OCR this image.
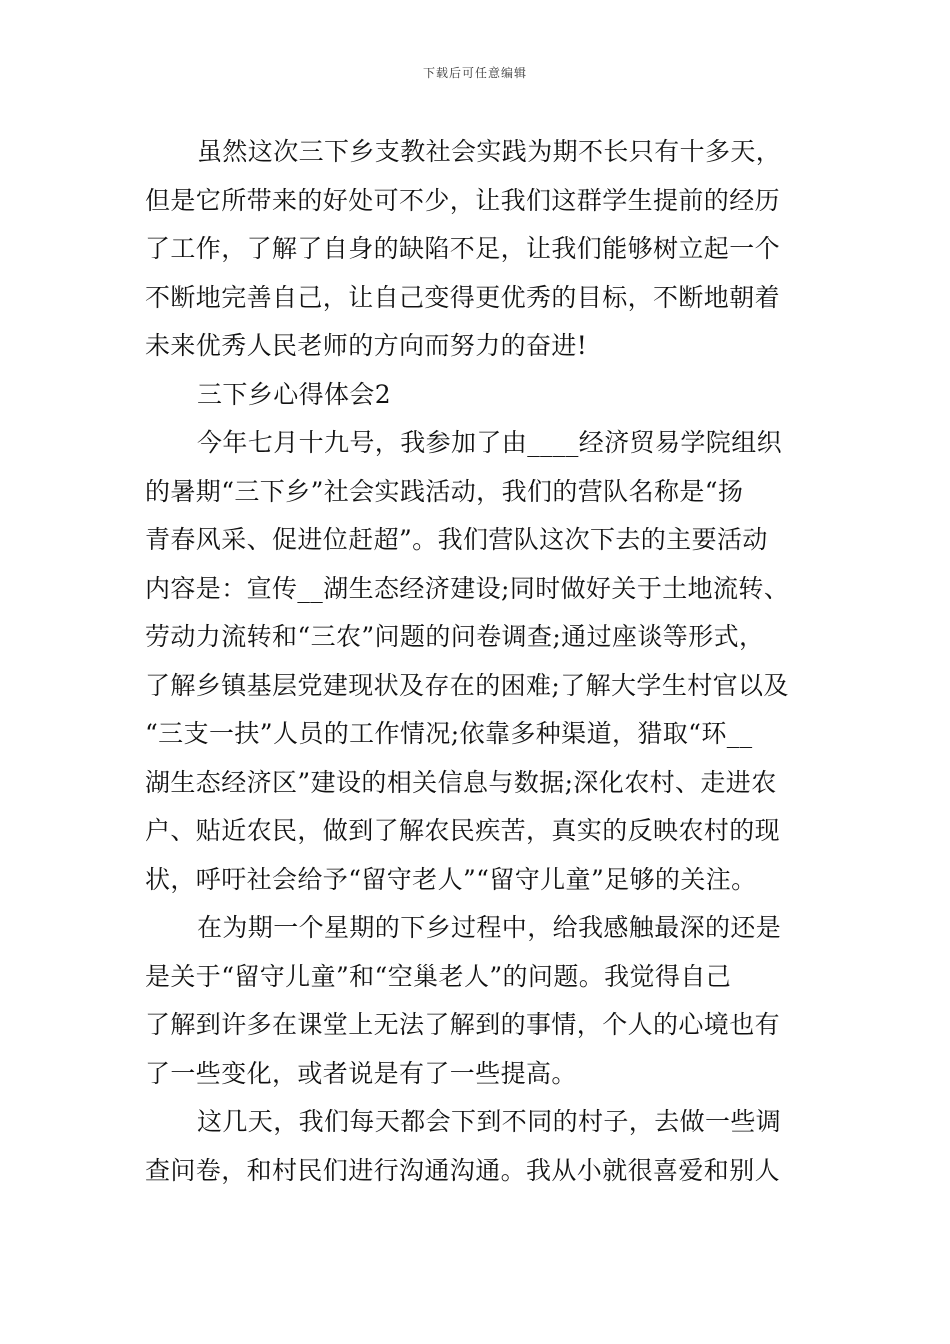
下载后可任意编辑
虽然这次三下乡支教社会实践为期不长只有十多天，
但是它所带来的好处可不少，让我们这群学生提前的经历
了工作，了解了自身的缺陷不足，让我们能够树立起一个
不断地完善自己，让自己变得更优秀的目标，不断地朝着
未来优秀人民老师的方向而努力的奋进!
三下乡心得体会2
今年七月十九号，我参加了由____经济贸易学院组织
的暑期“三下乡”社会实践活动，我们的营队名称是“扬
青春风采、促进位赶超”。我们营队这次下去的主要活动
内容是：宣传__湖生态经济建设;同时做好关于土地流转、
劳动力流转和“三农”问题的问卷调查;通过座谈等形式，
了解乡镇基层党建现状及存在的困难;了解大学生村官以及
“三支一扶”人员的工作情况;依靠多种渠道，猎取“环__
湖生态经济区”建设的相关信息与数据;深化农村、走进农
户、贴近农民，做到了解农民疾苦，真实的反映农村的现
状，呼吁社会给予“留守老人”“留守儿童”足够的关注。
在为期一个星期的下乡过程中，给我感触最深的还是
是关于“留守儿童”和“空巢老人”的问题。我觉得自己
了解到许多在课堂上无法了解到的事情，个人的心境也有
了一些变化，或者说是有了一些提高。
这几天，我们每天都会下到不同的村子，去做一些调
查问卷，和村民们进行沟通沟通。我从小就很喜爱和别人
